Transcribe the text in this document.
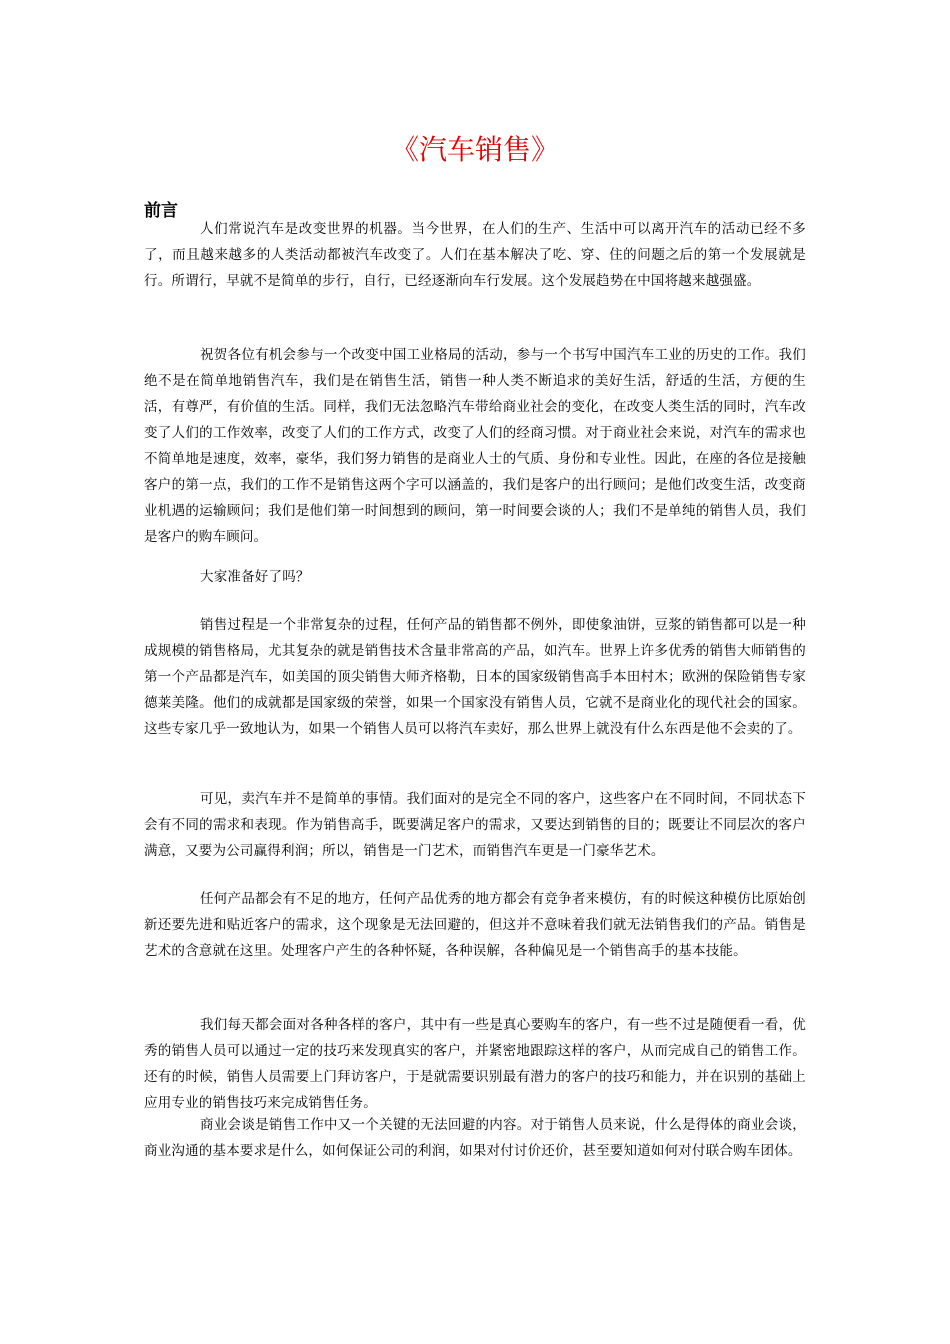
《汽车销售》
前言

人们常说汽车是改变世界的机器。当今世界，在人们的生产、生活中可以离开汽车的活动已经不多了，而且越来越多的人类活动都被汽车改变了。人们在基本解决了吃、穿、住的问题之后的第一个发展就是行。所谓行，早就不是简单的步行，自行，已经逐渐向车行发展。这个发展趋势在中国将越来越强盛。

祝贺各位有机会参与一个改变中国工业格局的活动，参与一个书写中国汽车工业的历史的工作。我们绝不是在简单地销售汽车，我们是在销售生活，销售一种人类不断追求的美好生活，舒适的生活，方便的生活，有尊严，有价值的生活。同样，我们无法忽略汽车带给商业社会的变化，在改变人类生活的同时，汽车改变了人们的工作效率，改变了人们的工作方式，改变了人们的经商习惯。对于商业社会来说，对汽车的需求也不简单地是速度，效率，豪华，我们努力销售的是商业人士的气质、身份和专业性。因此，在座的各位是接触客户的第一点，我们的工作不是销售这两个字可以涵盖的，我们是客户的出行顾问；是他们改变生活，改变商业机遇的运输顾问；我们是他们第一时间想到的顾问，第一时间要会谈的人；我们不是单纯的销售人员，我们是客户的购车顾问。

大家准备好了吗？

销售过程是一个非常复杂的过程，任何产品的销售都不例外，即使象油饼，豆浆的销售都可以是一种成规模的销售格局，尤其复杂的就是销售技术含量非常高的产品，如汽车。世界上许多优秀的销售大师销售的第一个产品都是汽车，如美国的顶尖销售大师齐格勒，日本的国家级销售高手本田村木；欧洲的保险销售专家德莱美隆。他们的成就都是国家级的荣誉，如果一个国家没有销售人员，它就不是商业化的现代社会的国家。这些专家几乎一致地认为，如果一个销售人员可以将汽车卖好，那么世界上就没有什么东西是他不会卖的了。

可见，卖汽车并不是简单的事情。我们面对的是完全不同的客户，这些客户在不同时间，不同状态下会有不同的需求和表现。作为销售高手，既要满足客户的需求，又要达到销售的目的；既要让不同层次的客户满意，又要为公司赢得利润；所以，销售是一门艺术，而销售汽车更是一门豪华艺术。

任何产品都会有不足的地方，任何产品优秀的地方都会有竞争者来模仿，有的时候这种模仿比原始创新还要先进和贴近客户的需求，这个现象是无法回避的，但这并不意味着我们就无法销售我们的产品。销售是艺术的含意就在这里。处理客户产生的各种怀疑，各种误解，各种偏见是一个销售高手的基本技能。

我们每天都会面对各种各样的客户，其中有一些是真心要购车的客户，有一些不过是随便看一看，优秀的销售人员可以通过一定的技巧来发现真实的客户，并紧密地跟踪这样的客户，从而完成自己的销售工作。还有的时候，销售人员需要上门拜访客户，于是就需要识别最有潜力的客户的技巧和能力，并在识别的基础上应用专业的销售技巧来完成销售任务。

商业会谈是销售工作中又一个关键的无法回避的内容。对于销售人员来说，什么是得体的商业会谈，商业沟通的基本要求是什么，如何保证公司的利润，如果对付讨价还价，甚至要知道如何对付联合购车团体。
